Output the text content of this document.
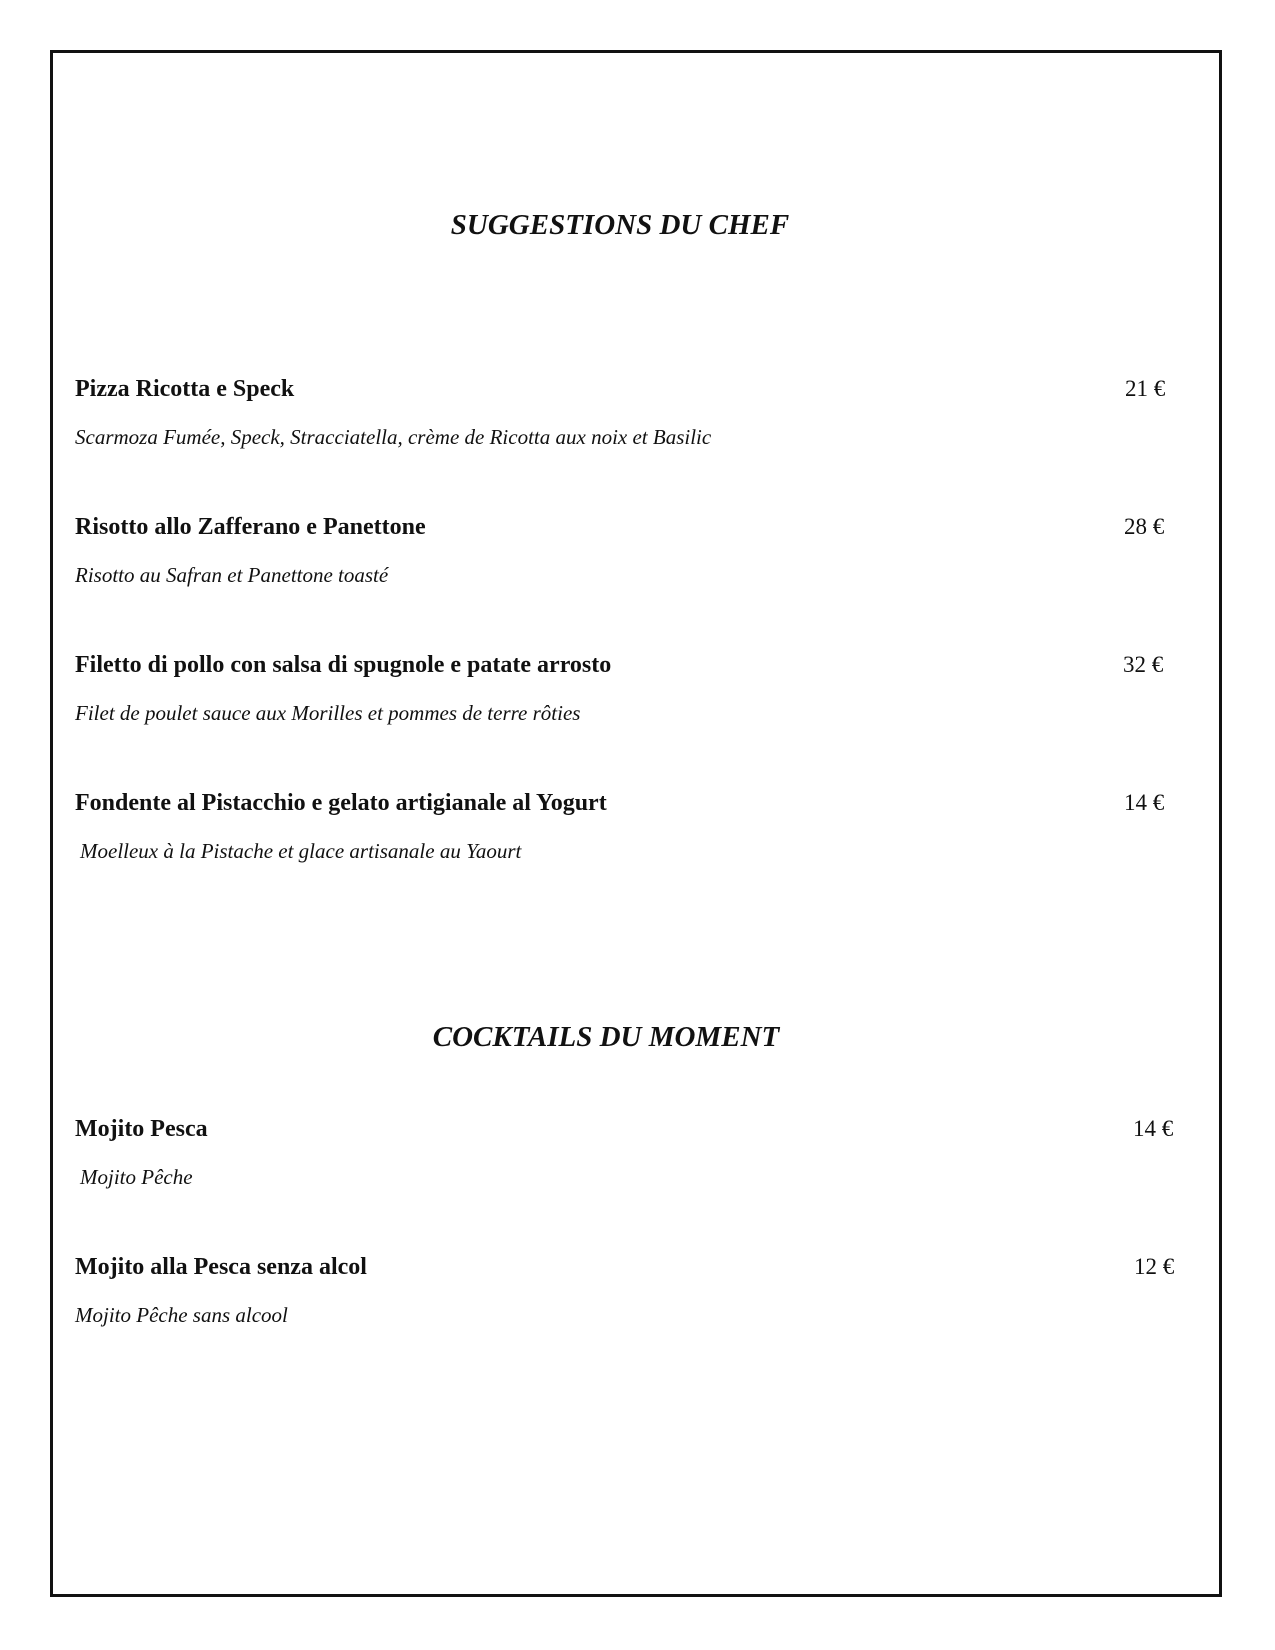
SUGGESTIONS DU CHEF

Pizza Ricotta e Speck	21 €

Scarmoza Fumée, Speck, Stracciatella, crème de Ricotta aux noix et Basilic

Risotto allo Zafferano e Panettone	28 €

Risotto au Safran et Panettone toasté

Filetto di pollo con salsa di spugnole e patate arrosto	32 €

Filet de poulet sauce aux Morilles et pommes de terre rôties

Fondente al Pistacchio e gelato artigianale al Yogurt	14 €

Moelleux à la Pistache et glace artisanale au Yaourt

COCKTAILS DU MOMENT

Mojito Pesca	14 €

Mojito Pêche

Mojito alla Pesca senza alcol	12 €

Mojito Pêche sans alcool
